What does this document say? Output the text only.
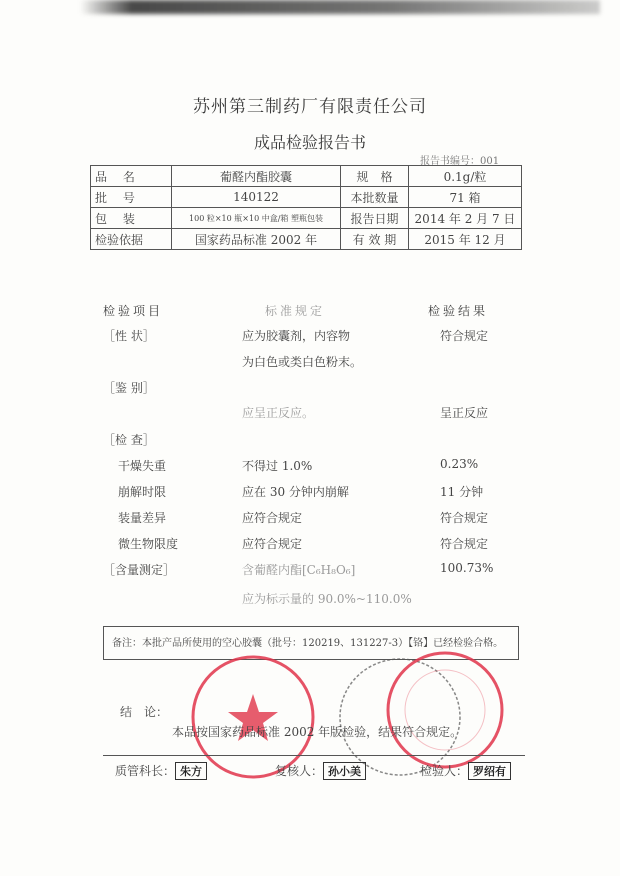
苏州第三制药厂有限责任公司
成品检验报告书
报告书编号：001
品 名	葡醛内酯胶囊	规　格	0.1g/粒
批 号	140122	本批数量	71 箱
包 装	100 粒×10 瓶×10 中盒/箱 塑瓶包装	报告日期	2014 年 2 月 7 日
检验依据	国家药品标准 2002 年	有 效 期	2015 年 12 月
检验项目	标准规定	检验结果
［性 状］	应为胶囊剂，内容物	符合规定
为白色或类白色粉末。
［鉴 别］
应呈正反应。	呈正反应
［检 查］
干燥失重	不得过 1.0%	0.23%
崩解时限	应在 30 分钟内崩解	11 分钟
装量差异	应符合规定	符合规定
微生物限度	应符合规定	符合规定
［含量测定］	含葡醛内酯[C₆H₈O₆]	100.73%
应为标示量的 90.0%~110.0%
备注：本批产品所使用的空心胶囊（批号：120219、131227-3）【铬】已经检验合格。
结　论：
本品按国家药品标准 2002 年版检验，结果符合规定。
质管科长： 朱方	复核人： 孙小美	检验人： 罗绍有
